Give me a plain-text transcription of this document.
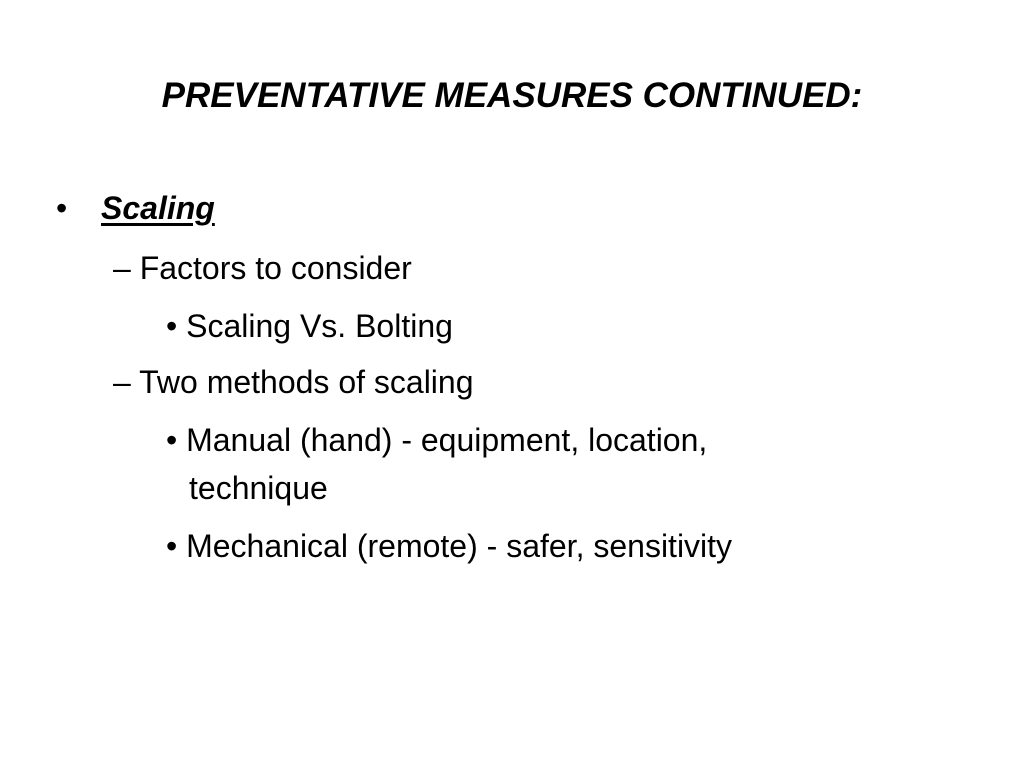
PREVENTATIVE MEASURES CONTINUED:
• Scaling
– Factors to consider
• Scaling Vs. Bolting
– Two methods of scaling
• Manual (hand) - equipment, location,
technique
• Mechanical (remote) - safer, sensitivity
